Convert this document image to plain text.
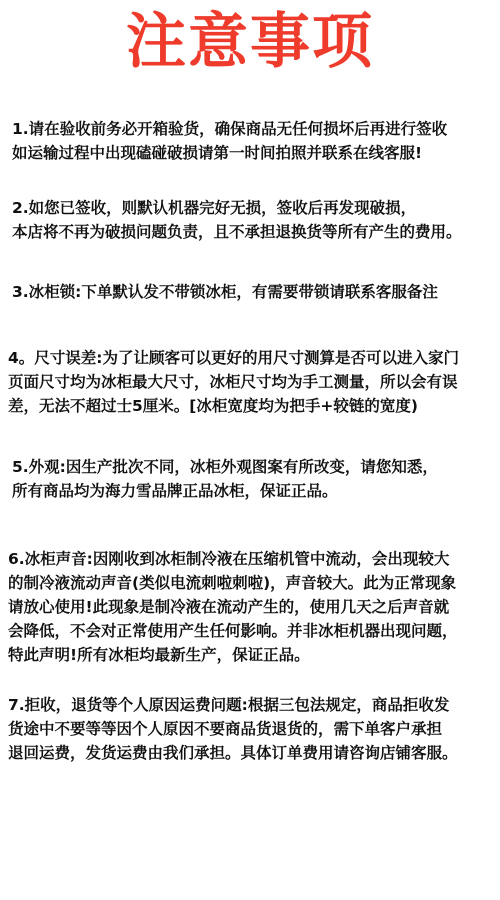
注意事项
1.请在验收前务必开箱验货，确保商品无任何损坏后再进行签收
如运输过程中出现磕碰破损请第一时间拍照并联系在线客服!
2.如您已签收，则默认机器完好无损，签收后再发现破损，
本店将不再为破损问题负责，且不承担退换货等所有产生的费用。
3.冰柜锁:下单默认发不带锁冰柜，有需要带锁请联系客服备注
4。尺寸误差:为了让顾客可以更好的用尺寸测算是否可以进入家门
页面尺寸均为冰柜最大尺寸，冰柜尺寸均为手工测量，所以会有误
差，无法不超过士5厘米。[冰柜宽度均为把手+较链的宽度)
5.外观:因生产批次不同，冰柜外观图案有所改变，请您知悉，
所有商品均为海力雪品牌正品冰柜，保证正品。
6.冰柜声音:因刚收到冰柜制冷液在压缩机管中流动，会出现较大
的制冷液流动声音(类似电流刺啦刺啦)，声音较大。此为正常现象
请放心使用!此现象是制冷液在流动产生的，使用几天之后声音就
会降低，不会对正常使用产生任何影响。并非冰柜机器出现问题，
特此声明!所有冰柜均最新生产，保证正品。
7.拒收，退货等个人原因运费问题:根据三包法规定，商品拒收发
货途中不要等等因个人原因不要商品货退货的，需下单客户承担
退回运费，发货运费由我们承担。具体订单费用请咨询店铺客服。
